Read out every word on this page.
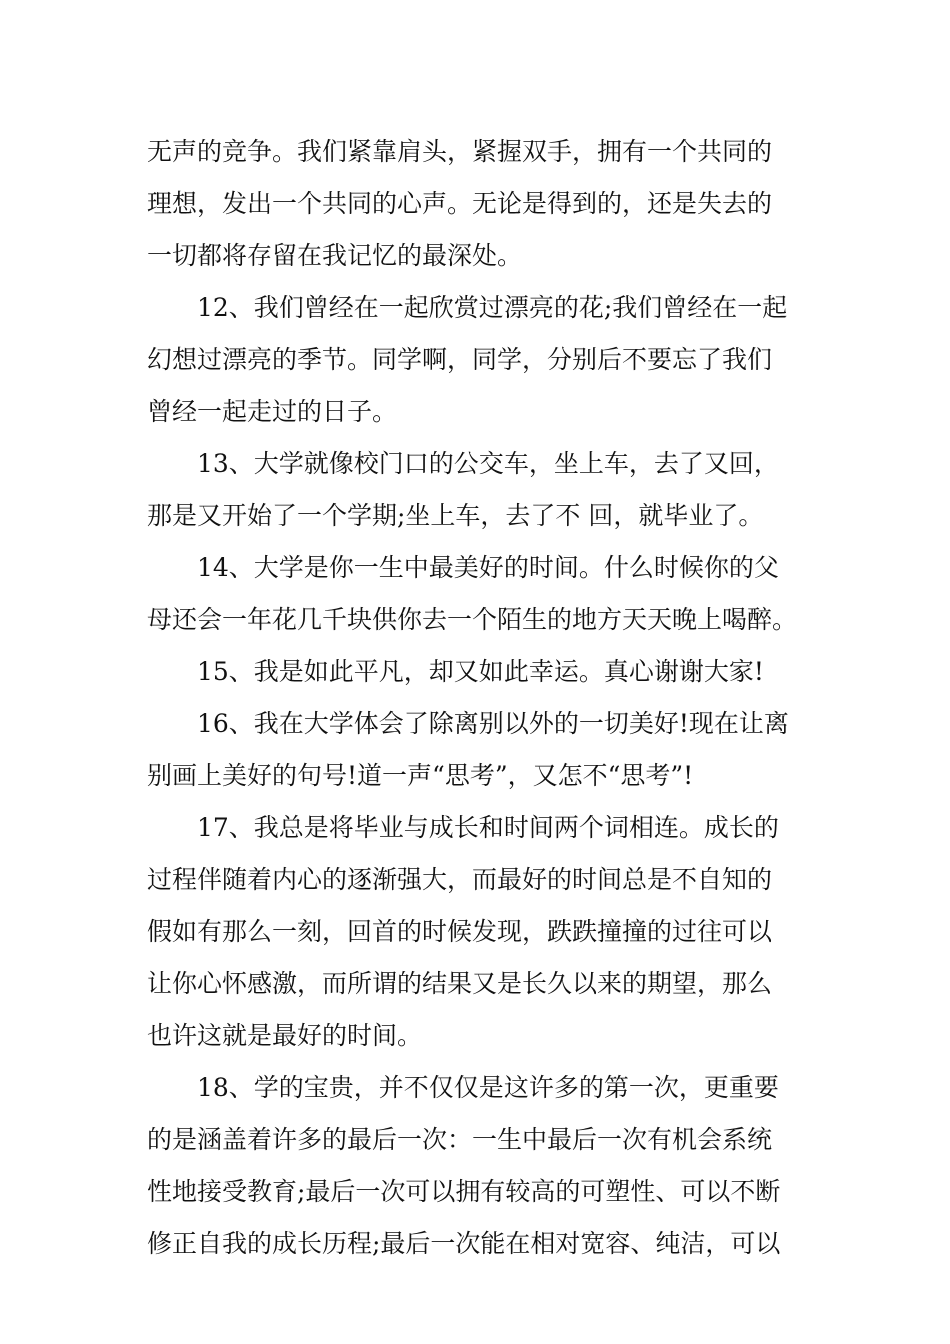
无声的竞争。我们紧靠肩头，紧握双手，拥有一个共同的
理想，发出一个共同的心声。无论是得到的，还是失去的
一切都将存留在我记忆的最深处。
12、我们曾经在一起欣赏过漂亮的花;我们曾经在一起
幻想过漂亮的季节。同学啊，同学，分别后不要忘了我们
曾经一起走过的日子。
13、大学就像校门口的公交车，坐上车，去了又回，
那是又开始了一个学期;坐上车，去了不 回，就毕业了。
14、大学是你一生中最美好的时间。什么时候你的父
母还会一年花几千块供你去一个陌生的地方天天晚上喝醉。
15、我是如此平凡，却又如此幸运。真心谢谢大家!
16、我在大学体会了除离别以外的一切美好!现在让离
别画上美好的句号!道一声“思考”，又怎不“思考”!
17、我总是将毕业与成长和时间两个词相连。成长的
过程伴随着内心的逐渐强大，而最好的时间总是不自知的
假如有那么一刻，回首的时候发现，跌跌撞撞的过往可以
让你心怀感激，而所谓的结果又是长久以来的期望，那么
也许这就是最好的时间。
18、学的宝贵，并不仅仅是这许多的第一次，更重要
的是涵盖着许多的最后一次：一生中最后一次有机会系统
性地接受教育;最后一次可以拥有较高的可塑性、可以不断
修正自我的成长历程;最后一次能在相对宽容、纯洁，可以
